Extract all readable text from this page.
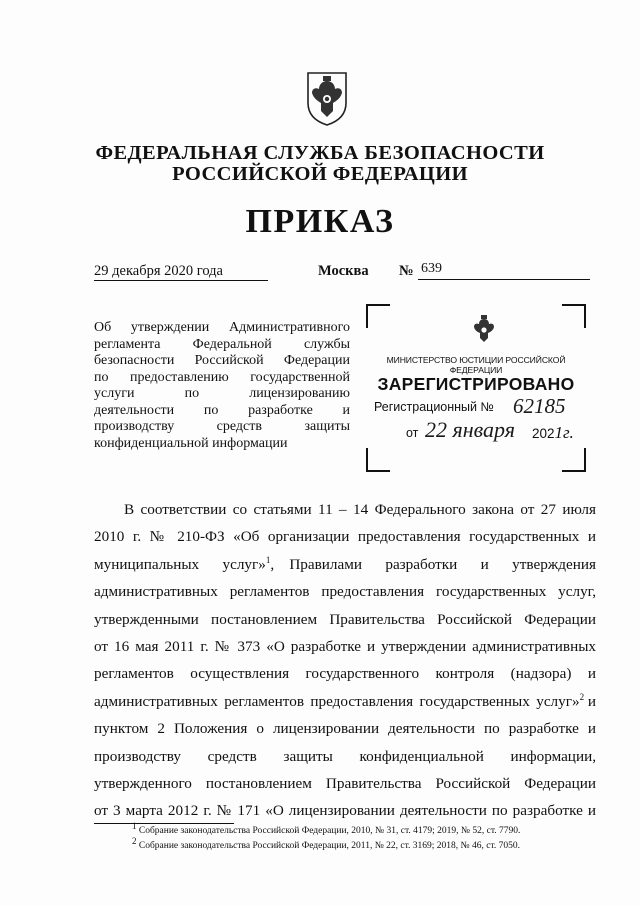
ФЕДЕРАЛЬНАЯ СЛУЖБА БЕЗОПАСНОСТИ
РОССИЙСКОЙ ФЕДЕРАЦИИ
ПРИКАЗ
29 декабря 2020 года	Москва № 639
Об утверждении Административного
регламента Федеральной службы
безопасности Российской Федерации
по предоставлению государственной
услуги по лицензированию
деятельности по разработке и
производству средств защиты
конфиденциальной информации
МИНИСТЕРСТВО ЮСТИЦИИ РОССИЙСКОЙ ФЕДЕРАЦИИ
ЗАРЕГИСТРИРОВАНО
Регистрационный № 62185
от 22 января 2021г.
В соответствии со статьями 11 – 14 Федерального закона от 27 июля
2010 г. № 210-ФЗ «Об организации предоставления государственных и
муниципальных услуг»$^1$, Правилами разработки и утверждения
административных регламентов предоставления государственных услуг,
утвержденными постановлением Правительства Российской Федерации
от 16 мая 2011 г. № 373 «О разработке и утверждении административных
регламентов осуществления государственного контроля (надзора) и
административных регламентов предоставления государственных услуг»$^2$  и
пунктом 2 Положения о лицензировании деятельности по разработке и
производству средств защиты конфиденциальной информации,
утвержденного постановлением Правительства Российской Федерации
от 3 марта 2012 г. № 171 «О лицензировании деятельности по разработке и
$^1$ Собрание законодательства Российской Федерации, 2010, № 31, ст. 4179; 2019, № 52, ст. 7790.
$^2$ Собрание законодательства Российской Федерации, 2011, № 22, ст. 3169; 2018, № 46, ст. 7050.
